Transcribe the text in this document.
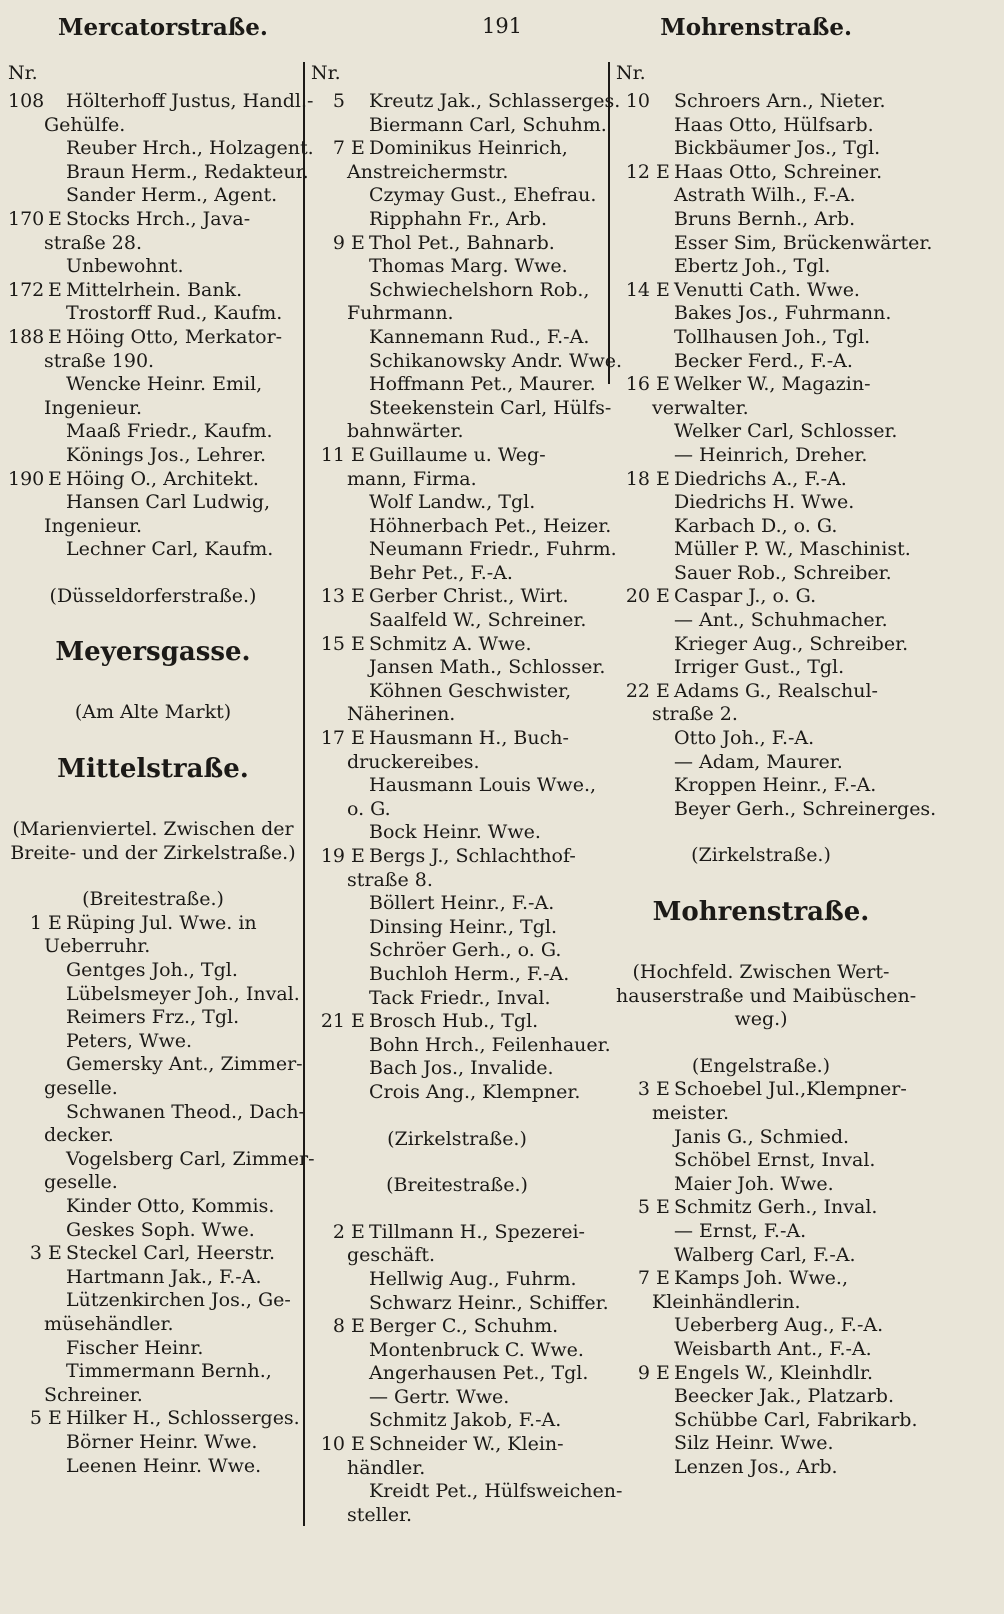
191
Mercatorstraße.	Mohrenstraße.
Nr.
108 Hölterhoff Justus, Handl.-
Gehülfe.
Reuber Hrch., Holzagent.
Braun Herm., Redakteur.
Sander Herm., Agent.
170 E Stocks Hrch., Java-
straße 28.
Unbewohnt.
172 E Mittelrhein. Bank.
Trostorff Rud., Kaufm.
188 E Höing Otto, Merkator-
straße 190.
Wencke Heinr. Emil,
Ingenieur.
Maaß Friedr., Kaufm.
Könings Jos., Lehrer.
190 E Höing O., Architekt.
Hansen Carl Ludwig,
Ingenieur.
Lechner Carl, Kaufm.
(Düsseldorferstraße.)
Meyersgasse.
(Am Alte Markt)
Mittelstraße.
(Marienviertel. Zwischen der
Breite- und der Zirkelstraße.)
(Breitestraße.)
1 E Rüping Jul. Wwe. in
Ueberruhr.
Gentges Joh., Tgl.
Lübelsmeyer Joh., Inval.
Reimers Frz., Tgl.
Peters, Wwe.
Gemersky Ant., Zimmer-
geselle.
Schwanen Theod., Dach-
decker.
Vogelsberg Carl, Zimmer-
geselle.
Kinder Otto, Kommis.
Geskes Soph. Wwe.
3 E Steckel Carl, Heerstr.
Hartmann Jak., F.-A.
Lützenkirchen Jos., Ge-
müsehändler.
Fischer Heinr.
Timmermann Bernh.,
Schreiner.
5 E Hilker H., Schlosserges.
Börner Heinr. Wwe.
Leenen Heinr. Wwe.
Nr.
5	Kreutz Jak., Schlasserges.
Biermann Carl, Schuhm.
7 E Dominikus Heinrich,
Anstreichermstr.
Czymay Gust., Ehefrau.
Ripphahn Fr., Arb.
9 E Thol Pet., Bahnarb.
Thomas Marg. Wwe.
Schwiechelshorn Rob.,
Fuhrmann.
Kannemann Rud., F.-A.
Schikanowsky Andr. Wwe.
Hoffmann Pet., Maurer.
Steekenstein Carl, Hülfs-
bahnwärter.
11 E Guillaume u. Weg-
mann, Firma.
Wolf Landw., Tgl.
Höhnerbach Pet., Heizer.
Neumann Friedr., Fuhrm.
Behr Pet., F.-A.
13 E Gerber Christ., Wirt.
Saalfeld W., Schreiner.
15 E Schmitz A. Wwe.
Jansen Math., Schlosser.
Köhnen Geschwister,
Näherinen.
17 E Hausmann H., Buch-
druckereibes.
Hausmann Louis Wwe.,
o. G.
Bock Heinr. Wwe.
19 E Bergs J., Schlachthof-
straße 8.
Böllert Heinr., F.-A.
Dinsing Heinr., Tgl.
Schröer Gerh., o. G.
Buchloh Herm., F.-A.
Tack Friedr., Inval.
21 E Brosch Hub., Tgl.
Bohn Hrch., Feilenhauer.
Bach Jos., Invalide.
Crois Ang., Klempner.
(Zirkelstraße.)
(Breitestraße.)
2 E Tillmann H., Spezerei-
geschäft.
Hellwig Aug., Fuhrm.
Schwarz Heinr., Schiffer.
8 E Berger C., Schuhm.
Montenbruck C. Wwe.
Angerhausen Pet., Tgl.
— Gertr. Wwe.
Schmitz Jakob, F.-A.
10 E Schneider W., Klein-
händler.
Kreidt Pet., Hülfsweichen-
steller.
Nr.
10	Schroers Arn., Nieter.
Haas Otto, Hülfsarb.
Bickbäumer Jos., Tgl.
12 E Haas Otto, Schreiner.
Astrath Wilh., F.-A.
Bruns Bernh., Arb.
Esser Sim, Brückenwärter.
Ebertz Joh., Tgl.
14 E Venutti Cath. Wwe.
Bakes Jos., Fuhrmann.
Tollhausen Joh., Tgl.
Becker Ferd., F.-A.
16 E Welker W., Magazin-
verwalter.
Welker Carl, Schlosser.
— Heinrich, Dreher.
18 E Diedrichs A., F.-A.
Diedrichs H. Wwe.
Karbach D., o. G.
Müller P. W., Maschinist.
Sauer Rob., Schreiber.
20 E Caspar J., o. G.
— Ant., Schuhmacher.
Krieger Aug., Schreiber.
Irriger Gust., Tgl.
22 E Adams G., Realschul-
straße 2.
Otto Joh., F.-A.
— Adam, Maurer.
Kroppen Heinr., F.-A.
Beyer Gerh., Schreinerges.
(Zirkelstraße.)
Mohrenstraße.
(Hochfeld. Zwischen Wert-
hauserstraße und Maibüschen-
weg.)
(Engelstraße.)
3 E Schoebel Jul.,Klempner-
meister.
Janis G., Schmied.
Schöbel Ernst, Inval.
Maier Joh. Wwe.
5 E Schmitz Gerh., Inval.
— Ernst, F.-A.
Walberg Carl, F.-A.
7 E Kamps Joh. Wwe.,
Kleinhändlerin.
Ueberberg Aug., F.-A.
Weisbarth Ant., F.-A.
9 E Engels W., Kleinhdlr.
Beecker Jak., Platzarb.
Schübbe Carl, Fabrikarb.
Silz Heinr. Wwe.
Lenzen Jos., Arb.
